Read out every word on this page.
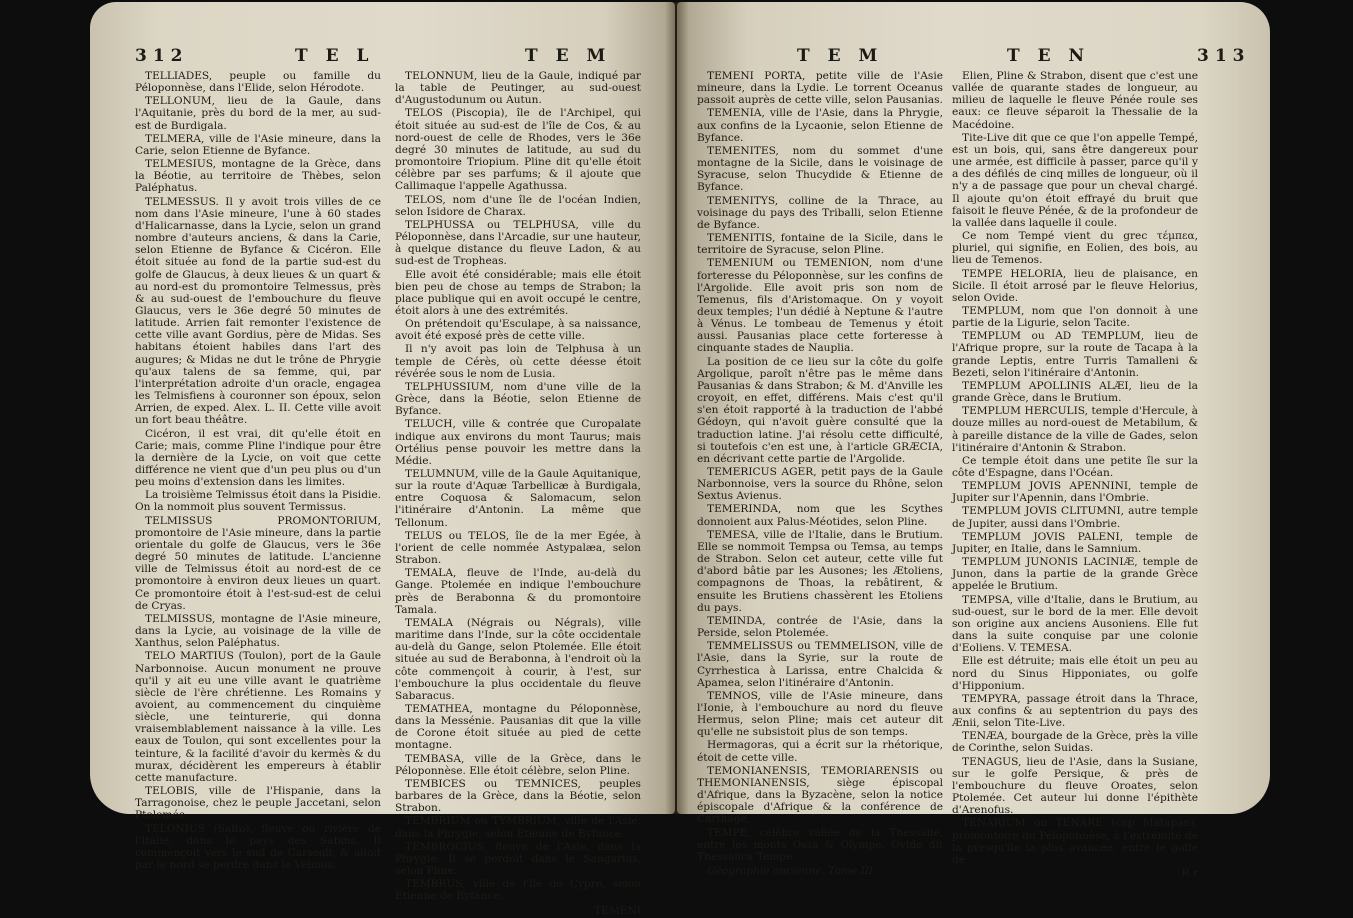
312	T E L	T E M

TELLIADES, peuple ou famille du Péloponnèse, dans l'Elide, selon Hérodote.

TELLONUM, lieu de la Gaule, dans l'Aquitanie, près du bord de la mer, au sud-est de Burdigala.

TELMERA, ville de l'Asie mineure, dans la Carie, selon Etienne de Byfance.

TELMESIUS, montagne de la Grèce, dans la Béotie, au territoire de Thèbes, selon Paléphatus.

TELMESSUS. Il y avoit trois villes de ce nom dans l'Asie mineure, l'une à 60 stades d'Halicarnasse, dans la Lycie, selon un grand nombre d'auteurs anciens, & dans la Carie, selon Etienne de Byfance & Cicéron. Elle étoit située au fond de la partie sud-est du golfe de Glaucus, à deux lieues & un quart & au nord-est du promontoire Telmessus, près & au sud-ouest de l'embouchure du fleuve Glaucus, vers le 36e degré 50 minutes de latitude. Arrien fait remonter l'existence de cette ville avant Gordius, père de Midas. Ses habitans étoient habiles dans l'art des augures; & Midas ne dut le trône de Phrygie qu'aux talens de sa femme, qui, par l'interprétation adroite d'un oracle, engagea les Telmisfiens à couronner son époux, selon Arrien, de exped. Alex. L. II. Cette ville avoit un fort beau théâtre.

Cicéron, il est vrai, dit qu'elle étoit en Carie; mais, comme Pline l'indique pour être la dernière de la Lycie, on voit que cette différence ne vient que d'un peu plus ou d'un peu moins d'extension dans les limites.

La troisième Telmissus étoit dans la Pisidie. On la nommoit plus souvent Termissus.

TELMISSUS PROMONTORIUM, promontoire de l'Asie mineure, dans la partie orientale du golfe de Glaucus, vers le 36e degré 50 minutes de latitude. L'ancienne ville de Telmissus étoit au nord-est de ce promontoire à environ deux lieues un quart. Ce promontoire étoit à l'est-sud-est de celui de Cryas.

TELMISSUS, montagne de l'Asie mineure, dans la Lycie, au voisinage de la ville de Xanthus, selon Paléphatus.

TELO MARTIUS (Toulon), port de la Gaule Narbonnoise. Aucun monument ne prouve qu'il y ait eu une ville avant le quatrième siècle de l'ère chrétienne. Les Romains y avoient, au commencement du cinquième siècle, une teinturerie, qui donna vraisemblablement naissance à la ville. Les eaux de Toulon, qui sont excellentes pour la teinture, & la facilité d'avoir du kermès & du murax, décidèrent les empereurs à établir cette manufacture.

TELOBIS, ville de l'Hispanie, dans la Tarragonoise, chez le peuple Jaccetani, selon Ptolemée.

TELONIUS (Salto), fleuve ou rivière de l'Italie, dans le pays des Sabins. Il commençoit vers le sud de Carseoli, & alloit par le nord se perdre dans le Velinus.

TELONNUM, lieu de la Gaule, indiqué par la table de Peutinger, au sud-ouest d'Augustodunum ou Autun.

TELOS (Piscopia), île de l'Archipel, qui étoit située au sud-est de l'île de Cos, & au nord-ouest de celle de Rhodes, vers le 36e degré 30 minutes de latitude, au sud du promontoire Triopium. Pline dit qu'elle étoit célèbre par ses parfums; & il ajoute que Callimaque l'appelle Agathussa.

TELOS, nom d'une île de l'océan Indien, selon Isidore de Charax.

TELPHUSSA ou TELPHUSA, ville du Péloponnèse, dans l'Arcadie, sur une hauteur, à quelque distance du fleuve Ladon, & au sud-est de Tropheas.

Elle avoit été considérable; mais elle étoit bien peu de chose au temps de Strabon; la place publique qui en avoit occupé le centre, étoit alors à une des extrémités.

On prétendoit qu'Esculape, à sa naissance, avoit été exposé près de cette ville.

Il n'y avoit pas loin de Telphusa à un temple de Cérès, où cette déesse étoit révérée sous le nom de Lusia.

TELPHUSSIUM, nom d'une ville de la Grèce, dans la Béotie, selon Etienne de Byfance.

TELUCH, ville & contrée que Curopalate indique aux environs du mont Taurus; mais Ortélius pense pouvoir les mettre dans la Médie.

TELUMNUM, ville de la Gaule Aquitanique, sur la route d'Aquæ Tarbellicæ à Burdigala, entre Coquosa & Salomacum, selon l'itinéraire d'Antonin. La même que Tellonum.

TELUS ou TELOS, île de la mer Egée, à l'orient de celle nommée Astypalæa, selon Strabon.

TEMALA, fleuve de l'Inde, au-delà du Gange. Ptolemée en indique l'embouchure près de Berabonna & du promontoire Tamala.

TEMALA (Négrais ou Négrals), ville maritime dans l'Inde, sur la côte occidentale au-delà du Gange, selon Ptolemée. Elle étoit située au sud de Berabonna, à l'endroit où la côte commençoit à courir, à l'est, sur l'embouchure la plus occidentale du fleuve Sabaracus.

TEMATHEA, montagne du Péloponnèse, dans la Messénie. Pausanias dit que la ville de Corone étoit située au pied de cette montagne.

TEMBASA, ville de la Grèce, dans le Péloponnèse. Elle étoit célèbre, selon Pline.

TEMBICES ou TEMNICES, peuples barbares de la Grèce, dans la Béotie, selon Strabon.

TEMBRIUM ou TYMBRIUM, ville de l'Asie, dans la Phrygie, selon Etienne de Byfance.

TEMBROGIUS, fleuve de l'Asie, dans la Phrygie. Il se perdoit dans le Sangarius, selon Pline.

TEMBRUS, ville de l'île de Cypre, selon Etienne de Byfance.

TEMENI
T E M	T E N	313

TEMENI PORTA, petite ville de l'Asie mineure, dans la Lydie. Le torrent Oceanus passoit auprès de cette ville, selon Pausanias.

TEMENIA, ville de l'Asie, dans la Phrygie, aux confins de la Lycaonie, selon Etienne de Byfance.

TEMENITES, nom du sommet d'une montagne de la Sicile, dans le voisinage de Syracuse, selon Thucydide & Etienne de Byfance.

TEMENITYS, colline de la Thrace, au voisinage du pays des Triballi, selon Etienne de Byfance.

TEMENITIS, fontaine de la Sicile, dans le territoire de Syracuse, selon Pline.

TEMENIUM ou TEMENION, nom d'une forteresse du Péloponnèse, sur les confins de l'Argolide. Elle avoit pris son nom de Temenus, fils d'Aristomaque. On y voyoit deux temples; l'un dédié à Neptune & l'autre à Vénus. Le tombeau de Temenus y étoit aussi. Pausanias place cette forteresse à cinquante stades de Nauplia.

La position de ce lieu sur la côte du golfe Argolique, paroît n'être pas le même dans Pausanias & dans Strabon; & M. d'Anville les croyoit, en effet, différens. Mais c'est qu'il s'en étoit rapporté à la traduction de l'abbé Gédoyn, qui n'avoit guère consulté que la traduction latine. J'ai résolu cette difficulté, si toutefois c'en est une, à l'article GRÆCIA, en décrivant cette partie de l'Argolide.

TEMERICUS AGER, petit pays de la Gaule Narbonnoise, vers la source du Rhône, selon Sextus Avienus.

TEMERINDA, nom que les Scythes donnoient aux Palus-Méotides, selon Pline.

TEMESA, ville de l'Italie, dans le Brutium. Elle se nommoit Tempsa ou Temsa, au temps de Strabon. Selon cet auteur, cette ville fut d'abord bâtie par les Ausones; les Ætoliens, compagnons de Thoas, la rebâtirent, & ensuite les Brutiens chassèrent les Etoliens du pays.

TEMINDA, contrée de l'Asie, dans la Perside, selon Ptolemée.

TEMMELISSUS ou TEMMELISON, ville de l'Asie, dans la Syrie, sur la route de Cyrrhestica à Larissa, entre Chalcida & Apamea, selon l'itinéraire d'Antonin.

TEMNOS, ville de l'Asie mineure, dans l'Ionie, à l'embouchure au nord du fleuve Hermus, selon Pline; mais cet auteur dit qu'elle ne subsistoit plus de son temps.

Hermagoras, qui a écrit sur la rhétorique, étoit de cette ville.

TEMONIANENSIS, TEMORIARENSIS ou THEMONIANENSIS, siège épiscopal d'Afrique, dans la Byzacène, selon la notice épiscopale d'Afrique & la conférence de Carthage.

TEMPE, célèbre vallée de la Thessalie, entre les monts Ossa & Olympe. Ovide dit Thessalica Tempe.

Géographie ancienne. Tome III.

Elien, Pline & Strabon, disent que c'est une vallée de quarante stades de longueur, au milieu de laquelle le fleuve Pénée roule ses eaux: ce fleuve séparoit la Thessalie de la Macédoine.

Tite-Live dit que ce que l'on appelle Tempé, est un bois, qui, sans être dangereux pour une armée, est difficile à passer, parce qu'il y a des défilés de cinq milles de longueur, où il n'y a de passage que pour un cheval chargé. Il ajoute qu'on étoit effrayé du bruit que faisoit le fleuve Pénée, & de la profondeur de la vallée dans laquelle il coule.

Ce nom Tempé vient du grec τέμπεα, pluriel, qui signifie, en Eolien, des bois, au lieu de Temenos.

TEMPE HELORIA, lieu de plaisance, en Sicile. Il étoit arrosé par le fleuve Helorius, selon Ovide.

TEMPLUM, nom que l'on donnoit à une partie de la Ligurie, selon Tacite.

TEMPLUM ou AD TEMPLUM, lieu de l'Afrique propre, sur la route de Tacapa à la grande Leptis, entre Turris Tamalleni & Bezeti, selon l'itinéraire d'Antonin.

TEMPLUM APOLLINIS ALÆI, lieu de la grande Grèce, dans le Brutium.

TEMPLUM HERCULIS, temple d'Hercule, à douze milles au nord-ouest de Metabilum, & à pareille distance de la ville de Gades, selon l'itinéraire d'Antonin & Strabon.

Ce temple étoit dans une petite île sur la côte d'Espagne, dans l'Océan.

TEMPLUM JOVIS APENNINI, temple de Jupiter sur l'Apennin, dans l'Ombrie.

TEMPLUM JOVIS CLITUMNI, autre temple de Jupiter, aussi dans l'Ombrie.

TEMPLUM JOVIS PALENI, temple de Jupiter, en Italie, dans le Samnium.

TEMPLUM JUNONIS LACINIÆ, temple de Junon, dans la partie de la grande Grèce appelée le Brutium.

TEMPSA, ville d'Italie, dans le Brutium, au sud-ouest, sur le bord de la mer. Elle devoit son origine aux anciens Ausoniens. Elle fut dans la suite conquise par une colonie d'Eoliens. V. TEMESA.

Elle est détruite; mais elle étoit un peu au nord du Sinus Hipponiates, ou golfe d'Hipponium.

TEMPYRA, passage étroit dans la Thrace, aux confins & au septentrion du pays des Ænii, selon Tite-Live.

TENÆA, bourgade de la Grèce, près la ville de Corinthe, selon Suidas.

TENAGUS, lieu de l'Asie, dans la Susiane, sur le golfe Persique, & près de l'embouchure du fleuve Oroates, selon Ptolemée. Cet auteur lui donne l'épithète d'Arenofus.

TENARIUM ou TENARE (cap Matapan), promontoire du Péloponnèse, à l'extrémité de la presqu'île la plus avancée, entre le golfe de

R r
